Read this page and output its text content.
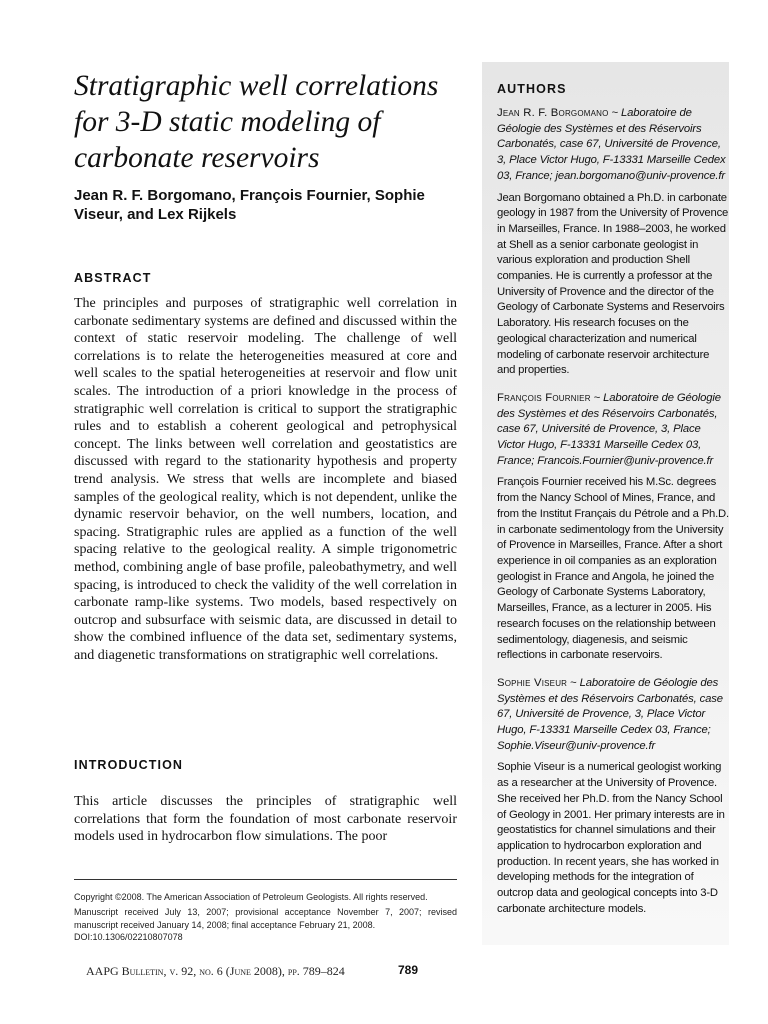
Stratigraphic well correlations for 3-D static modeling of carbonate reservoirs

Jean R. F. Borgomano, François Fournier, Sophie Viseur, and Lex Rijkels

ABSTRACT

The principles and purposes of stratigraphic well correlation in carbonate sedimentary systems are defined and discussed within the context of static reservoir modeling. The challenge of well correlations is to relate the heterogeneities measured at core and well scales to the spatial heterogeneities at reservoir and flow unit scales. The introduction of a priori knowledge in the process of stratigraphic well correlation is critical to support the stratigraphic rules and to establish a coherent geological and petrophysical concept. The links between well correlation and geostatistics are discussed with regard to the stationarity hypothesis and property trend analysis. We stress that wells are incomplete and biased samples of the geological reality, which is not dependent, unlike the dynamic reservoir behavior, on the well numbers, location, and spacing. Stratigraphic rules are applied as a function of the well spacing relative to the geological reality. A simple trigonometric method, combining angle of base profile, paleobathymetry, and well spacing, is introduced to check the validity of the well correlation in carbonate ramp-like systems. Two models, based respectively on outcrop and subsurface with seismic data, are discussed in detail to show the combined influence of the data set, sedimentary systems, and diagenetic transformations on stratigraphic well correlations.

INTRODUCTION

This article discusses the principles of stratigraphic well correlations that form the foundation of most carbonate reservoir models used in hydrocarbon flow simulations. The poor

Copyright ©2008. The American Association of Petroleum Geologists. All rights reserved.

Manuscript received July 13, 2007; provisional acceptance November 7, 2007; revised manuscript received January 14, 2008; final acceptance February 21, 2008.
DOI:10.1306/02210807078
AAPG Bulletin, v. 92, no. 6 (June 2008), pp. 789–824	789
AUTHORS

Jean R. F. Borgomano ~ Laboratoire de Géologie des Systèmes et des Réservoirs Carbonatés, case 67, Université de Provence, 3, Place Victor Hugo, F-13331 Marseille Cedex 03, France; jean.borgomano@univ-provence.fr

Jean Borgomano obtained a Ph.D. in carbonate geology in 1987 from the University of Provence in Marseilles, France. In 1988–2003, he worked at Shell as a senior carbonate geologist in various exploration and production Shell companies. He is currently a professor at the University of Provence and the director of the Geology of Carbonate Systems and Reservoirs Laboratory. His research focuses on the geological characterization and numerical modeling of carbonate reservoir architecture and properties.

François Fournier ~ Laboratoire de Géologie des Systèmes et des Réservoirs Carbonatés, case 67, Université de Provence, 3, Place Victor Hugo, F-13331 Marseille Cedex 03, France; Francois.Fournier@univ-provence.fr

François Fournier received his M.Sc. degrees from the Nancy School of Mines, France, and from the Institut Français du Pétrole and a Ph.D. in carbonate sedimentology from the University of Provence in Marseilles, France. After a short experience in oil companies as an exploration geologist in France and Angola, he joined the Geology of Carbonate Systems Laboratory, Marseilles, France, as a lecturer in 2005. His research focuses on the relationship between sedimentology, diagenesis, and seismic reflections in carbonate reservoirs.

Sophie Viseur ~ Laboratoire de Géologie des Systèmes et des Réservoirs Carbonatés, case 67, Université de Provence, 3, Place Victor Hugo, F-13331 Marseille Cedex 03, France; Sophie.Viseur@univ-provence.fr

Sophie Viseur is a numerical geologist working as a researcher at the University of Provence. She received her Ph.D. from the Nancy School of Geology in 2001. Her primary interests are in geostatistics for channel simulations and their application to hydrocarbon exploration and production. In recent years, she has worked in developing methods for the integration of outcrop data and geological concepts into 3-D carbonate architecture models.
